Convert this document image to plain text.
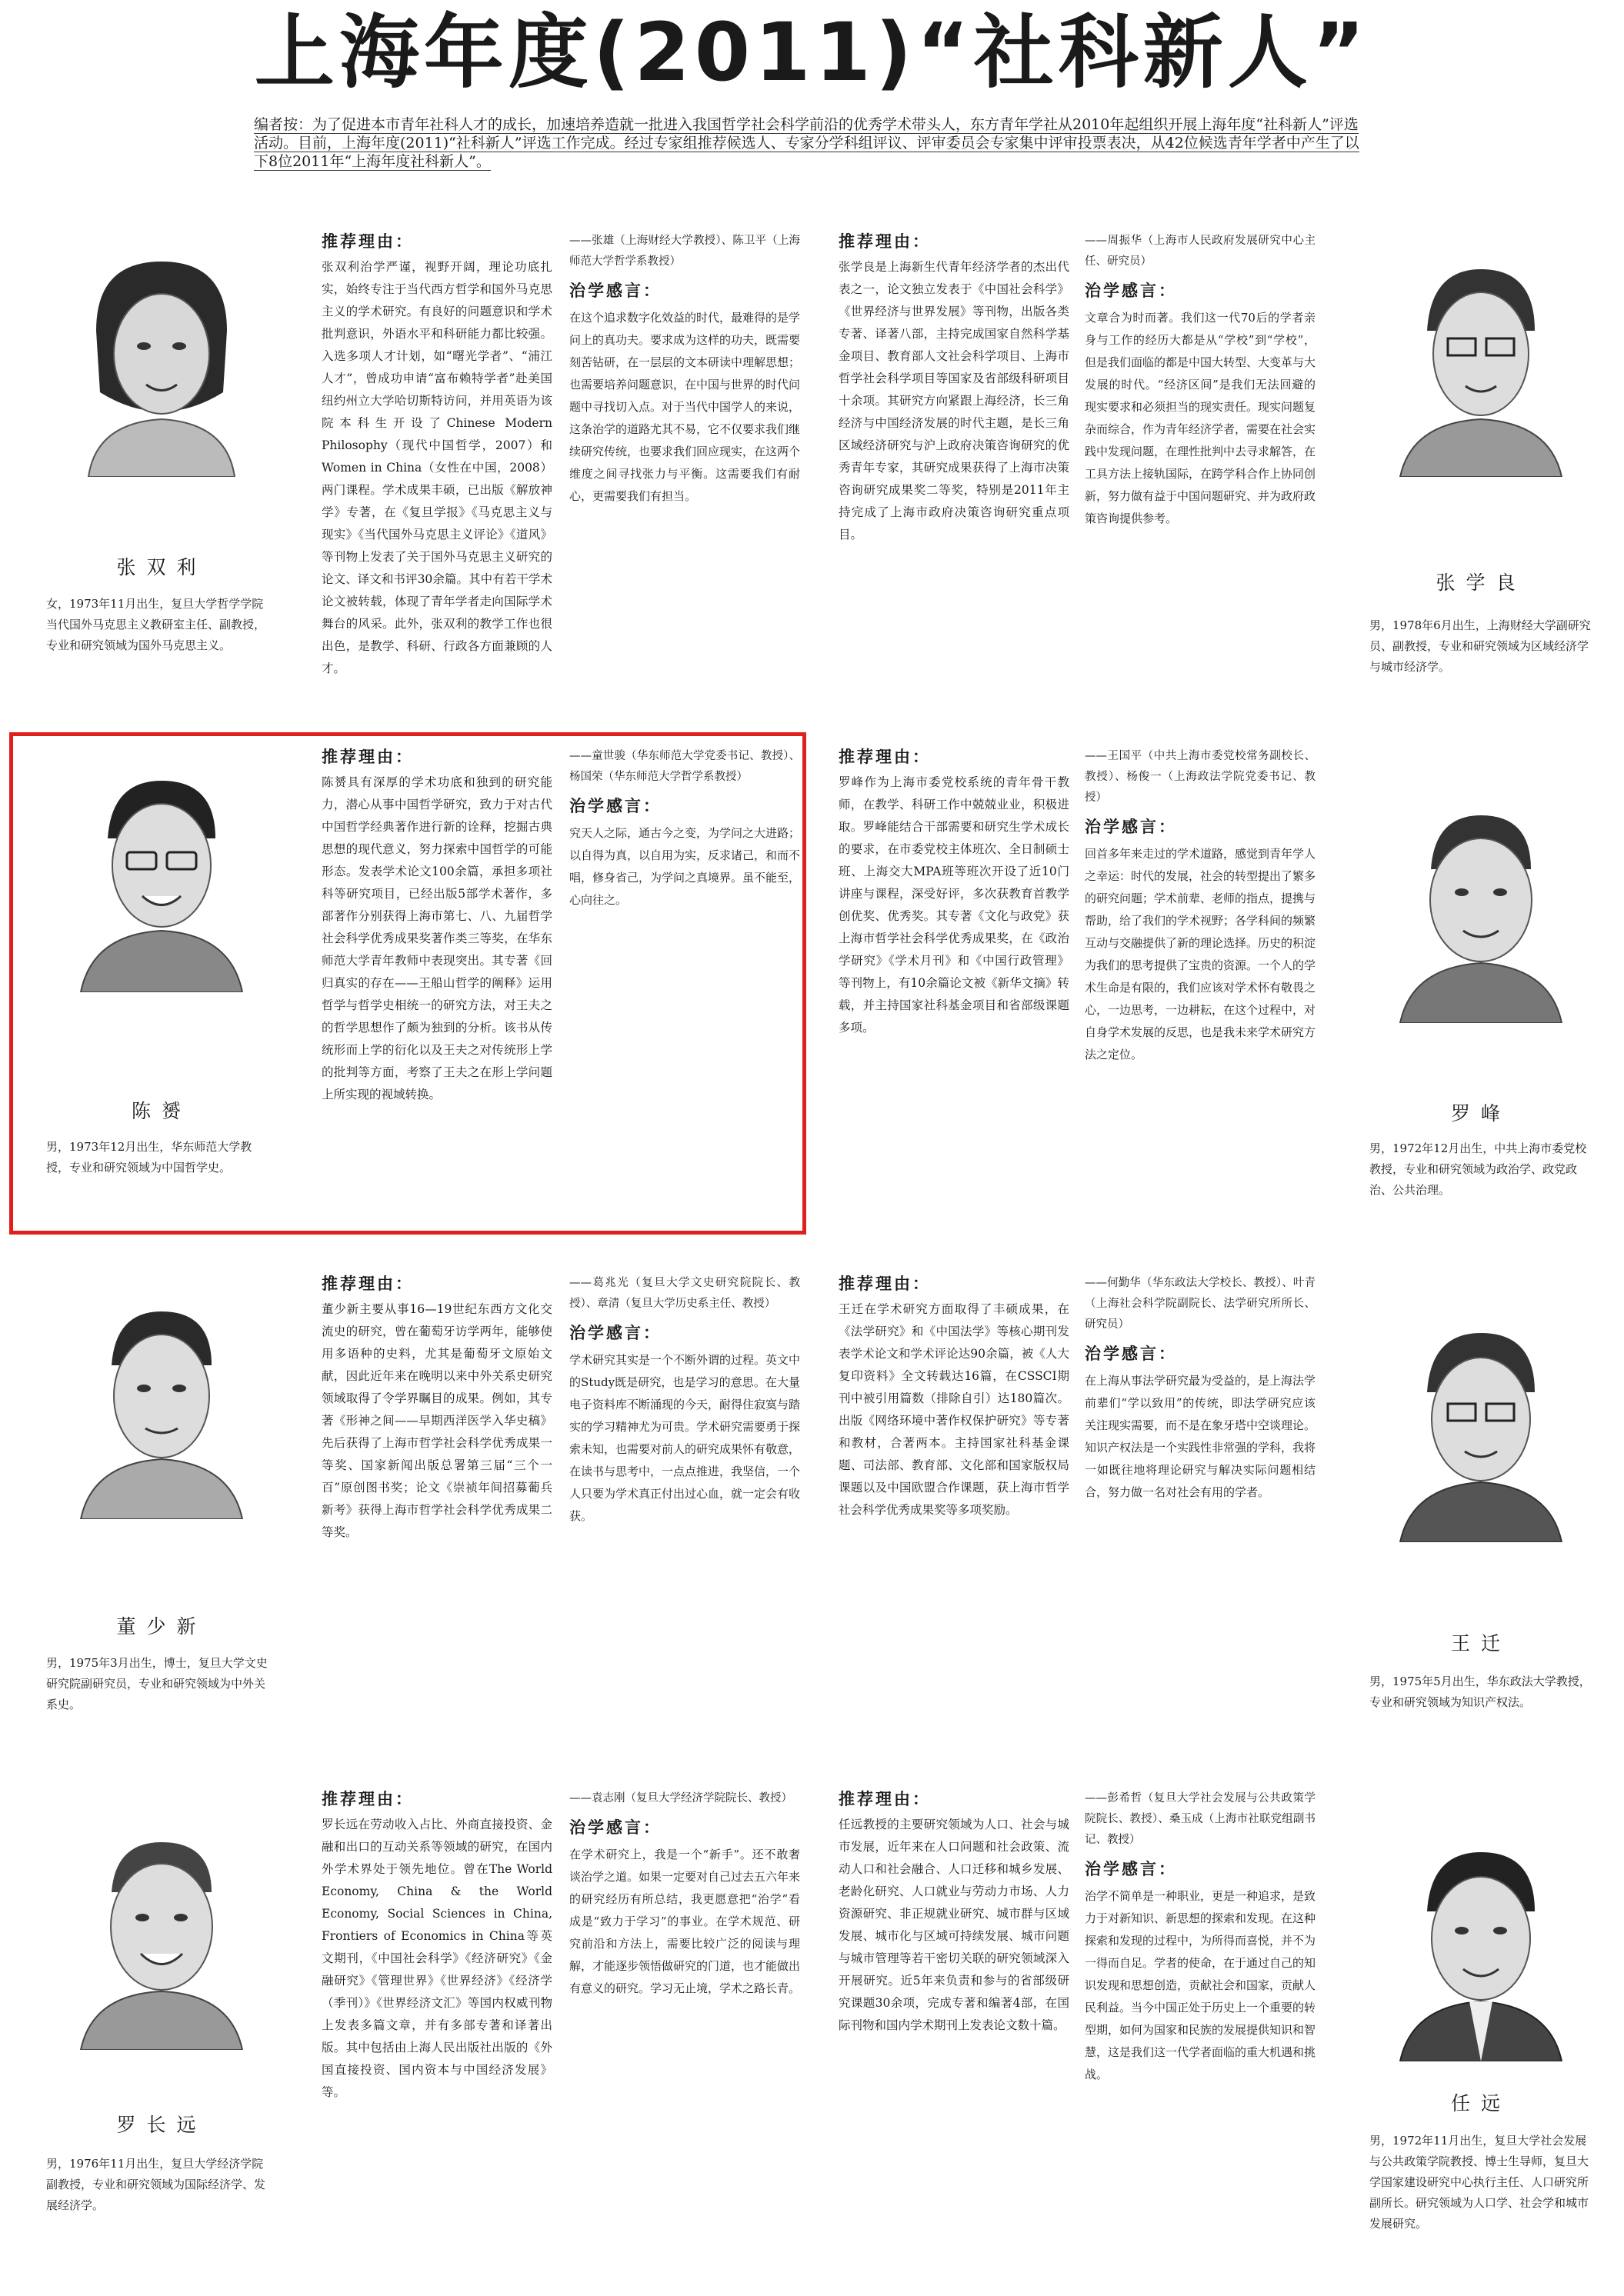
上海年度(2011)“社科新人”
编者按：为了促进本市青年社科人才的成长，加速培养造就一批进入我国哲学社会科学前沿的优秀学术带头人，东方青年学社从2010年起组织开展上海年度“社科新人”评选活动。目前，上海年度(2011)“社科新人”评选工作完成。经过专家组推荐候选人、专家分学科组评议、评审委员会专家集中评审投票表决，从42位候选青年学者中产生了以下8位2011年“上海年度社科新人”。
张双利
女，1973年11月出生，复旦大学哲学学院当代国外马克思主义教研室主任、副教授，专业和研究领域为国外马克思主义。
推荐理由：
张双利治学严谨，视野开阔，理论功底扎实，始终专注于当代西方哲学和国外马克思主义的学术研究。有良好的问题意识和学术批判意识，外语水平和科研能力都比较强。入选多项人才计划，如“曙光学者”、“浦江人才”，曾成功申请“富布赖特学者”赴美国纽约州立大学哈切斯特访问，并用英语为该院本科生开设了Chinese Modern Philosophy（现代中国哲学，2007）和Women in China（女性在中国，2008）两门课程。学术成果丰硕，已出版《解放神学》专著，在《复旦学报》《马克思主义与现实》《当代国外马克思主义评论》《道风》等刊物上发表了关于国外马克思主义研究的论文、译文和书评30余篇。其中有若干学术论文被转载，体现了青年学者走向国际学术舞台的风采。此外，张双利的教学工作也很出色，是教学、科研、行政各方面兼顾的人才。
——张雄（上海财经大学教授）、陈卫平（上海师范大学哲学系教授）
治学感言：
在这个追求数字化效益的时代，最难得的是学问上的真功夫。要求成为这样的功夫，既需要刻苦钻研，在一层层的文本研读中理解思想；也需要培养问题意识，在中国与世界的时代问题中寻找切入点。对于当代中国学人的来说，这条治学的道路尤其不易，它不仅要求我们继续研究传统，也要求我们回应现实，在这两个维度之间寻找张力与平衡。这需要我们有耐心，更需要我们有担当。
推荐理由：
张学良是上海新生代青年经济学者的杰出代表之一，论文独立发表于《中国社会科学》《世界经济与世界发展》等刊物，出版各类专著、译著八部，主持完成国家自然科学基金项目、教育部人文社会科学项目、上海市哲学社会科学项目等国家及省部级科研项目十余项。其研究方向紧跟上海经济，长三角经济与中国经济发展的时代主题，是长三角区域经济研究与沪上政府决策咨询研究的优秀青年专家，其研究成果获得了上海市决策咨询研究成果奖二等奖，特别是2011年主持完成了上海市政府决策咨询研究重点项目。
——周振华（上海市人民政府发展研究中心主任、研究员）
治学感言：
文章合为时而著。我们这一代70后的学者亲身与工作的经历大都是从“学校”到“学校”，但是我们面临的都是中国大转型、大变革与大发展的时代。“经济区间”是我们无法回避的现实要求和必须担当的现实责任。现实问题复杂而综合，作为青年经济学者，需要在社会实践中发现问题，在理性批判中去寻求解答，在工具方法上接轨国际，在跨学科合作上协同创新，努力做有益于中国问题研究、并为政府政策咨询提供参考。
张学良
男，1978年6月出生，上海财经大学副研究员、副教授，专业和研究领域为区域经济学与城市经济学。
陈赟
男，1973年12月出生，华东师范大学教授，专业和研究领域为中国哲学史。
推荐理由：
陈赟具有深厚的学术功底和独到的研究能力，潜心从事中国哲学研究，致力于对古代中国哲学经典著作进行新的诠释，挖掘古典思想的现代意义，努力探索中国哲学的可能形态。发表学术论文100余篇，承担多项社科等研究项目，已经出版5部学术著作，多部著作分别获得上海市第七、八、九届哲学社会科学优秀成果奖著作类三等奖，在华东师范大学青年教师中表现突出。其专著《回归真实的存在——王船山哲学的阐释》运用哲学与哲学史相统一的研究方法，对王夫之的哲学思想作了颇为独到的分析。该书从传统形而上学的衍化以及王夫之对传统形上学的批判等方面，考察了王夫之在形上学问题上所实现的视域转换。
——童世骏（华东师范大学党委书记、教授）、杨国荣（华东师范大学哲学系教授）
治学感言：
究天人之际，通古今之变，为学问之大进路；以自得为真，以自用为实，反求诸己，和而不唱，修身省己，为学问之真境界。虽不能至，心向往之。
推荐理由：
罗峰作为上海市委党校系统的青年骨干教师，在教学、科研工作中兢兢业业，积极进取。罗峰能结合干部需要和研究生学术成长的要求，在市委党校主体班次、全日制硕士班、上海交大MPA班等班次开设了近10门讲座与课程，深受好评，多次获教育首教学创优奖、优秀奖。其专著《文化与政党》获上海市哲学社会科学优秀成果奖，在《政治学研究》《学术月刊》和《中国行政管理》等刊物上，有10余篇论文被《新华文摘》转载，并主持国家社科基金项目和省部级课题多项。
——王国平（中共上海市委党校常务副校长、教授）、杨俊一（上海政法学院党委书记、教授）
治学感言：
回首多年来走过的学术道路，感觉到青年学人之幸运：时代的发展，社会的转型提出了繁多的研究问题；学术前辈、老师的指点，提携与帮助，给了我们的学术视野；各学科间的频繁互动与交融提供了新的理论选择。历史的积淀为我们的思考提供了宝贵的资源。一个人的学术生命是有限的，我们应该对学术怀有敬畏之心，一边思考，一边耕耘，在这个过程中，对自身学术发展的反思，也是我未来学术研究方法之定位。
罗峰
男，1972年12月出生，中共上海市委党校教授，专业和研究领域为政治学、政党政治、公共治理。
董少新
男，1975年3月出生，博士，复旦大学文史研究院副研究员，专业和研究领域为中外关系史。
推荐理由：
董少新主要从事16—19世纪东西方文化交流史的研究，曾在葡萄牙访学两年，能够使用多语种的史料，尤其是葡萄牙文原始文献，因此近年来在晚明以来中外关系史研究领域取得了令学界瞩目的成果。例如，其专著《形神之间——早期西洋医学入华史稿》先后获得了上海市哲学社会科学优秀成果一等奖、国家新闻出版总署第三届“三个一百”原创图书奖；论文《崇祯年间招募葡兵新考》获得上海市哲学社会科学优秀成果二等奖。
——葛兆光（复旦大学文史研究院院长、教授）、章清（复旦大学历史系主任、教授）
治学感言：
学术研究其实是一个不断外谓的过程。英文中的Study既是研究，也是学习的意思。在大量电子资料库不断涌现的今天，耐得住寂寞与踏实的学习精神尤为可贵。学术研究需要勇于探索未知，也需要对前人的研究成果怀有敬意，在读书与思考中，一点点推进，我坚信，一个人只要为学术真正付出过心血，就一定会有收获。
推荐理由：
王迁在学术研究方面取得了丰硕成果，在《法学研究》和《中国法学》等核心期刊发表学术论文和学术评论达90余篇，被《人大复印资料》全文转载达16篇，在CSSCI期刊中被引用篇数（排除自引）达180篇次。出版《网络环境中著作权保护研究》等专著和教材，合著两本。主持国家社科基金课题、司法部、教育部、文化部和国家版权局课题以及中国欧盟合作课题，获上海市哲学社会科学优秀成果奖等多项奖励。
——何勤华（华东政法大学校长、教授）、叶青（上海社会科学院副院长、法学研究所所长、研究员）
治学感言：
在上海从事法学研究最为受益的，是上海法学前辈们“学以致用”的传统，即法学研究应该关注现实需要，而不是在象牙塔中空谈理论。知识产权法是一个实践性非常强的学科，我将一如既往地将理论研究与解决实际问题相结合，努力做一名对社会有用的学者。
王迁
男，1975年5月出生，华东政法大学教授，专业和研究领域为知识产权法。
罗长远
男，1976年11月出生，复旦大学经济学院副教授，专业和研究领域为国际经济学、发展经济学。
推荐理由：
罗长远在劳动收入占比、外商直接投资、金融和出口的互动关系等领域的研究，在国内外学术界处于领先地位。曾在The World Economy, China & the World Economy, Social Sciences in China, Frontiers of Economics in China等英文期刊，《中国社会科学》《经济研究》《金融研究》《管理世界》《世界经济》《经济学（季刊）》《世界经济文汇》等国内权威刊物上发表多篇文章，并有多部专著和译著出版。其中包括由上海人民出版社出版的《外国直接投资、国内资本与中国经济发展》等。
——袁志刚（复旦大学经济学院院长、教授）
治学感言：
在学术研究上，我是一个“新手”。还不敢奢谈治学之道。如果一定要对自己过去五六年来的研究经历有所总结，我更愿意把“治学”看成是“致力于学习”的事业。在学术规范、研究前沿和方法上，需要比较广泛的阅读与理解，才能逐步领悟做研究的门道，也才能做出有意义的研究。学习无止境，学术之路长青。
推荐理由：
任远教授的主要研究领域为人口、社会与城市发展，近年来在人口问题和社会政策、流动人口和社会融合、人口迁移和城乡发展、老龄化研究、人口就业与劳动力市场、人力资源研究、非正规就业研究、城市群与区域发展、城市化与区域可持续发展、城市问题与城市管理等若干密切关联的研究领域深入开展研究。近5年来负责和参与的省部级研究课题30余项，完成专著和编著4部，在国际刊物和国内学术期刊上发表论文数十篇。
——彭希哲（复旦大学社会发展与公共政策学院院长、教授）、桑玉成（上海市社联党组副书记、教授）
治学感言：
治学不简单是一种职业，更是一种追求，是致力于对新知识、新思想的探索和发现。在这种探索和发现的过程中，为所得而喜悦，并不为一得而自足。学者的使命，在于通过自己的知识发现和思想创造，贡献社会和国家，贡献人民利益。当今中国正处于历史上一个重要的转型期，如何为国家和民族的发展提供知识和智慧，这是我们这一代学者面临的重大机遇和挑战。
任远
男，1972年11月出生，复旦大学社会发展与公共政策学院教授、博士生导师，复旦大学国家建设研究中心执行主任、人口研究所副所长。研究领域为人口学、社会学和城市发展研究。
